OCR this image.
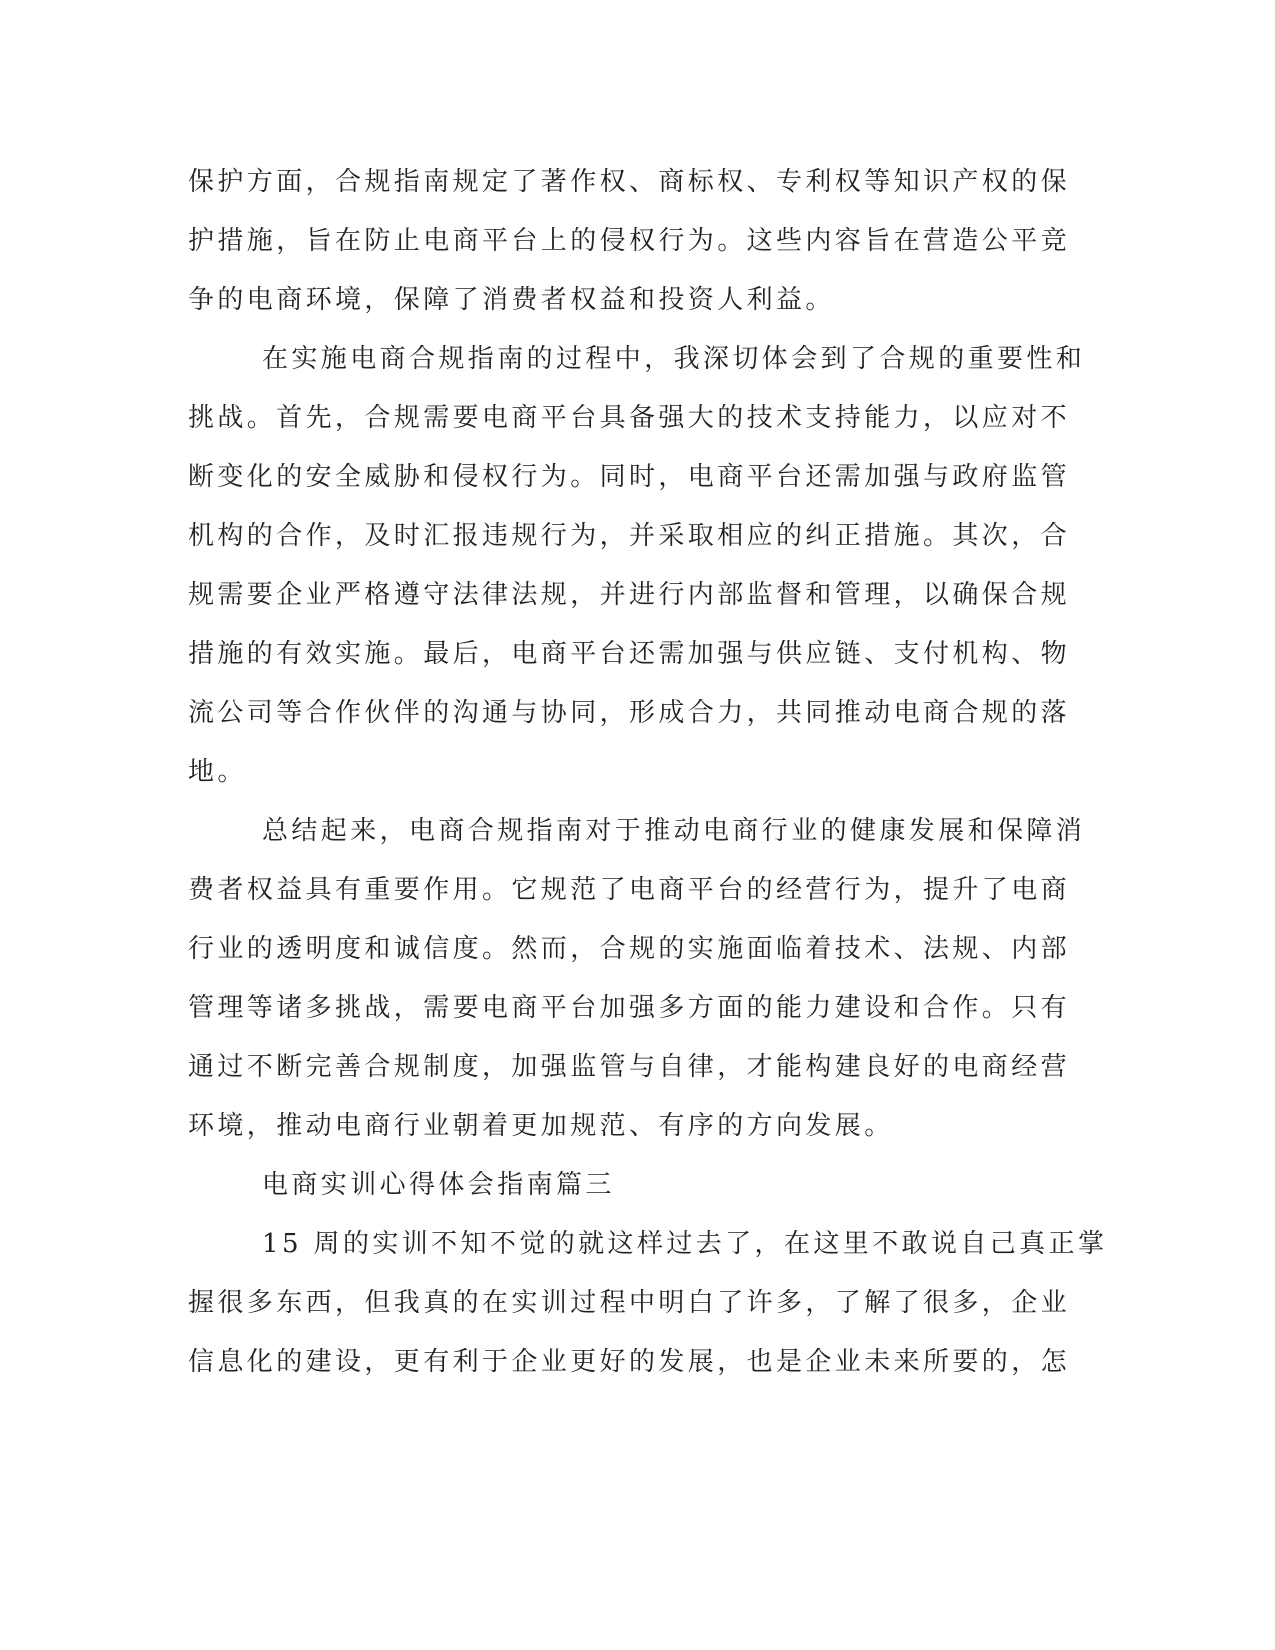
保护方面，合规指南规定了著作权、商标权、专利权等知识产权的保

护措施，旨在防止电商平台上的侵权行为。这些内容旨在营造公平竞

争的电商环境，保障了消费者权益和投资人利益。

在实施电商合规指南的过程中，我深切体会到了合规的重要性和

挑战。首先，合规需要电商平台具备强大的技术支持能力，以应对不

断变化的安全威胁和侵权行为。同时，电商平台还需加强与政府监管

机构的合作，及时汇报违规行为，并采取相应的纠正措施。其次，合

规需要企业严格遵守法律法规，并进行内部监督和管理，以确保合规

措施的有效实施。最后，电商平台还需加强与供应链、支付机构、物

流公司等合作伙伴的沟通与协同，形成合力，共同推动电商合规的落

地。

总结起来，电商合规指南对于推动电商行业的健康发展和保障消

费者权益具有重要作用。它规范了电商平台的经营行为，提升了电商

行业的透明度和诚信度。然而，合规的实施面临着技术、法规、内部

管理等诸多挑战，需要电商平台加强多方面的能力建设和合作。只有

通过不断完善合规制度，加强监管与自律，才能构建良好的电商经营

环境，推动电商行业朝着更加规范、有序的方向发展。

电商实训心得体会指南篇三

15 周的实训不知不觉的就这样过去了，在这里不敢说自己真正掌

握很多东西，但我真的在实训过程中明白了许多，了解了很多，企业

信息化的建设，更有利于企业更好的发展，也是企业未来所要的，怎
